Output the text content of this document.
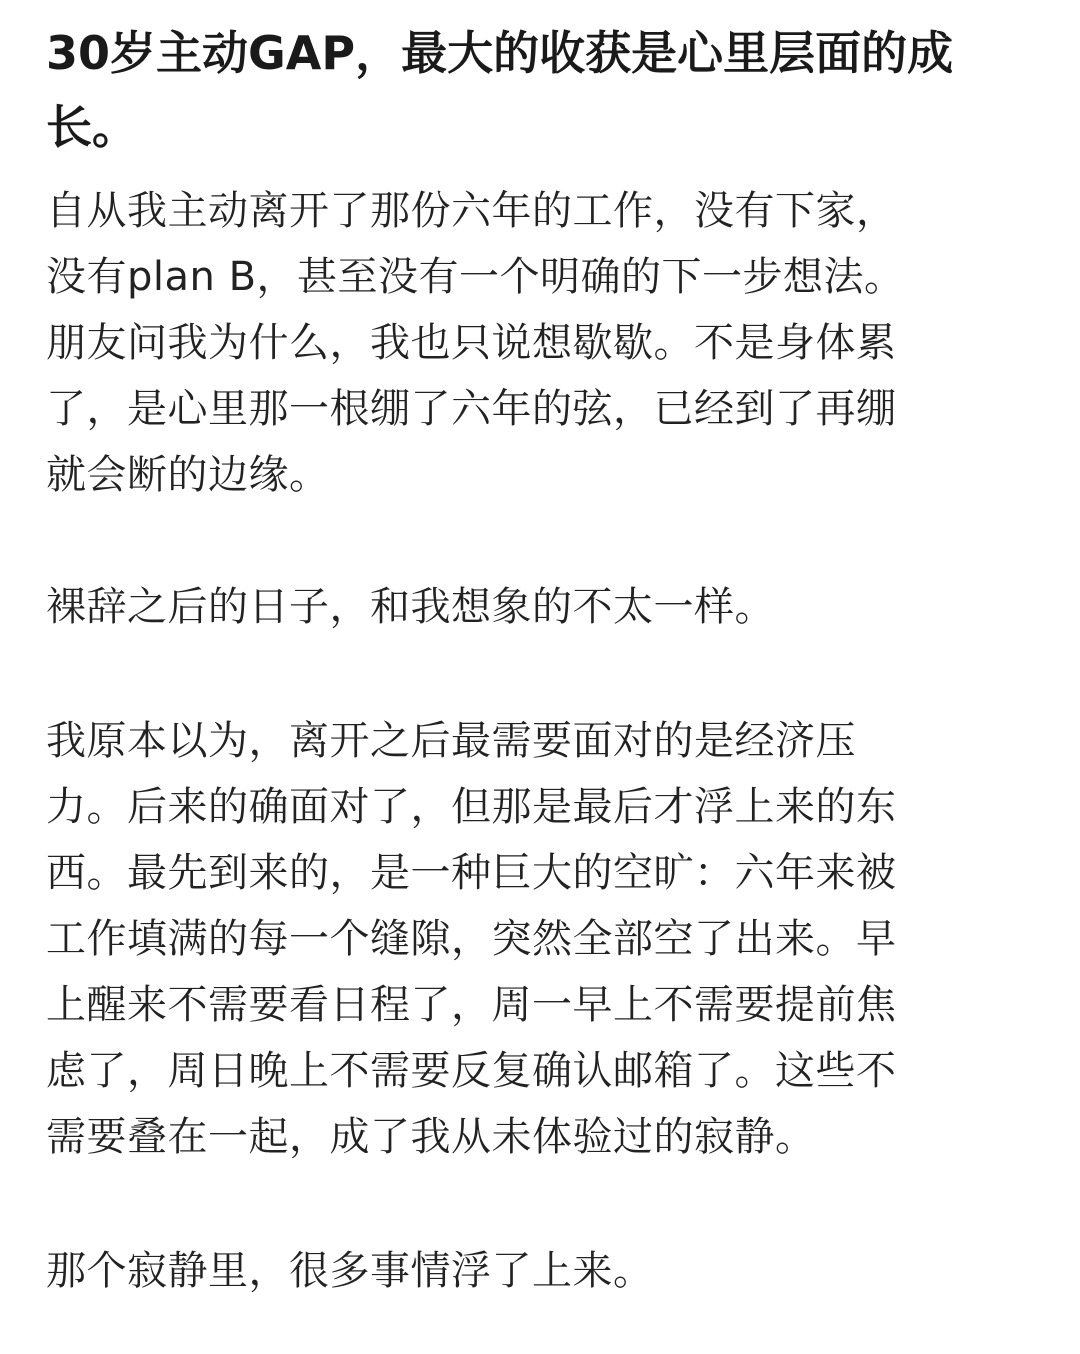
30岁主动GAP，最大的收获是心里层面的成
长。
自从我主动离开了那份六年的工作，没有下家，
没有plan B，甚至没有一个明确的下一步想法。
朋友问我为什么，我也只说想歇歇。不是身体累
了，是心里那一根绷了六年的弦，已经到了再绷
就会断的边缘。
裸辞之后的日子，和我想象的不太一样。
我原本以为，离开之后最需要面对的是经济压
力。后来的确面对了，但那是最后才浮上来的东
西。最先到来的，是一种巨大的空旷：六年来被
工作填满的每一个缝隙，突然全部空了出来。早
上醒来不需要看日程了，周一早上不需要提前焦
虑了，周日晚上不需要反复确认邮箱了。这些不
需要叠在一起，成了我从未体验过的寂静。
那个寂静里，很多事情浮了上来。
